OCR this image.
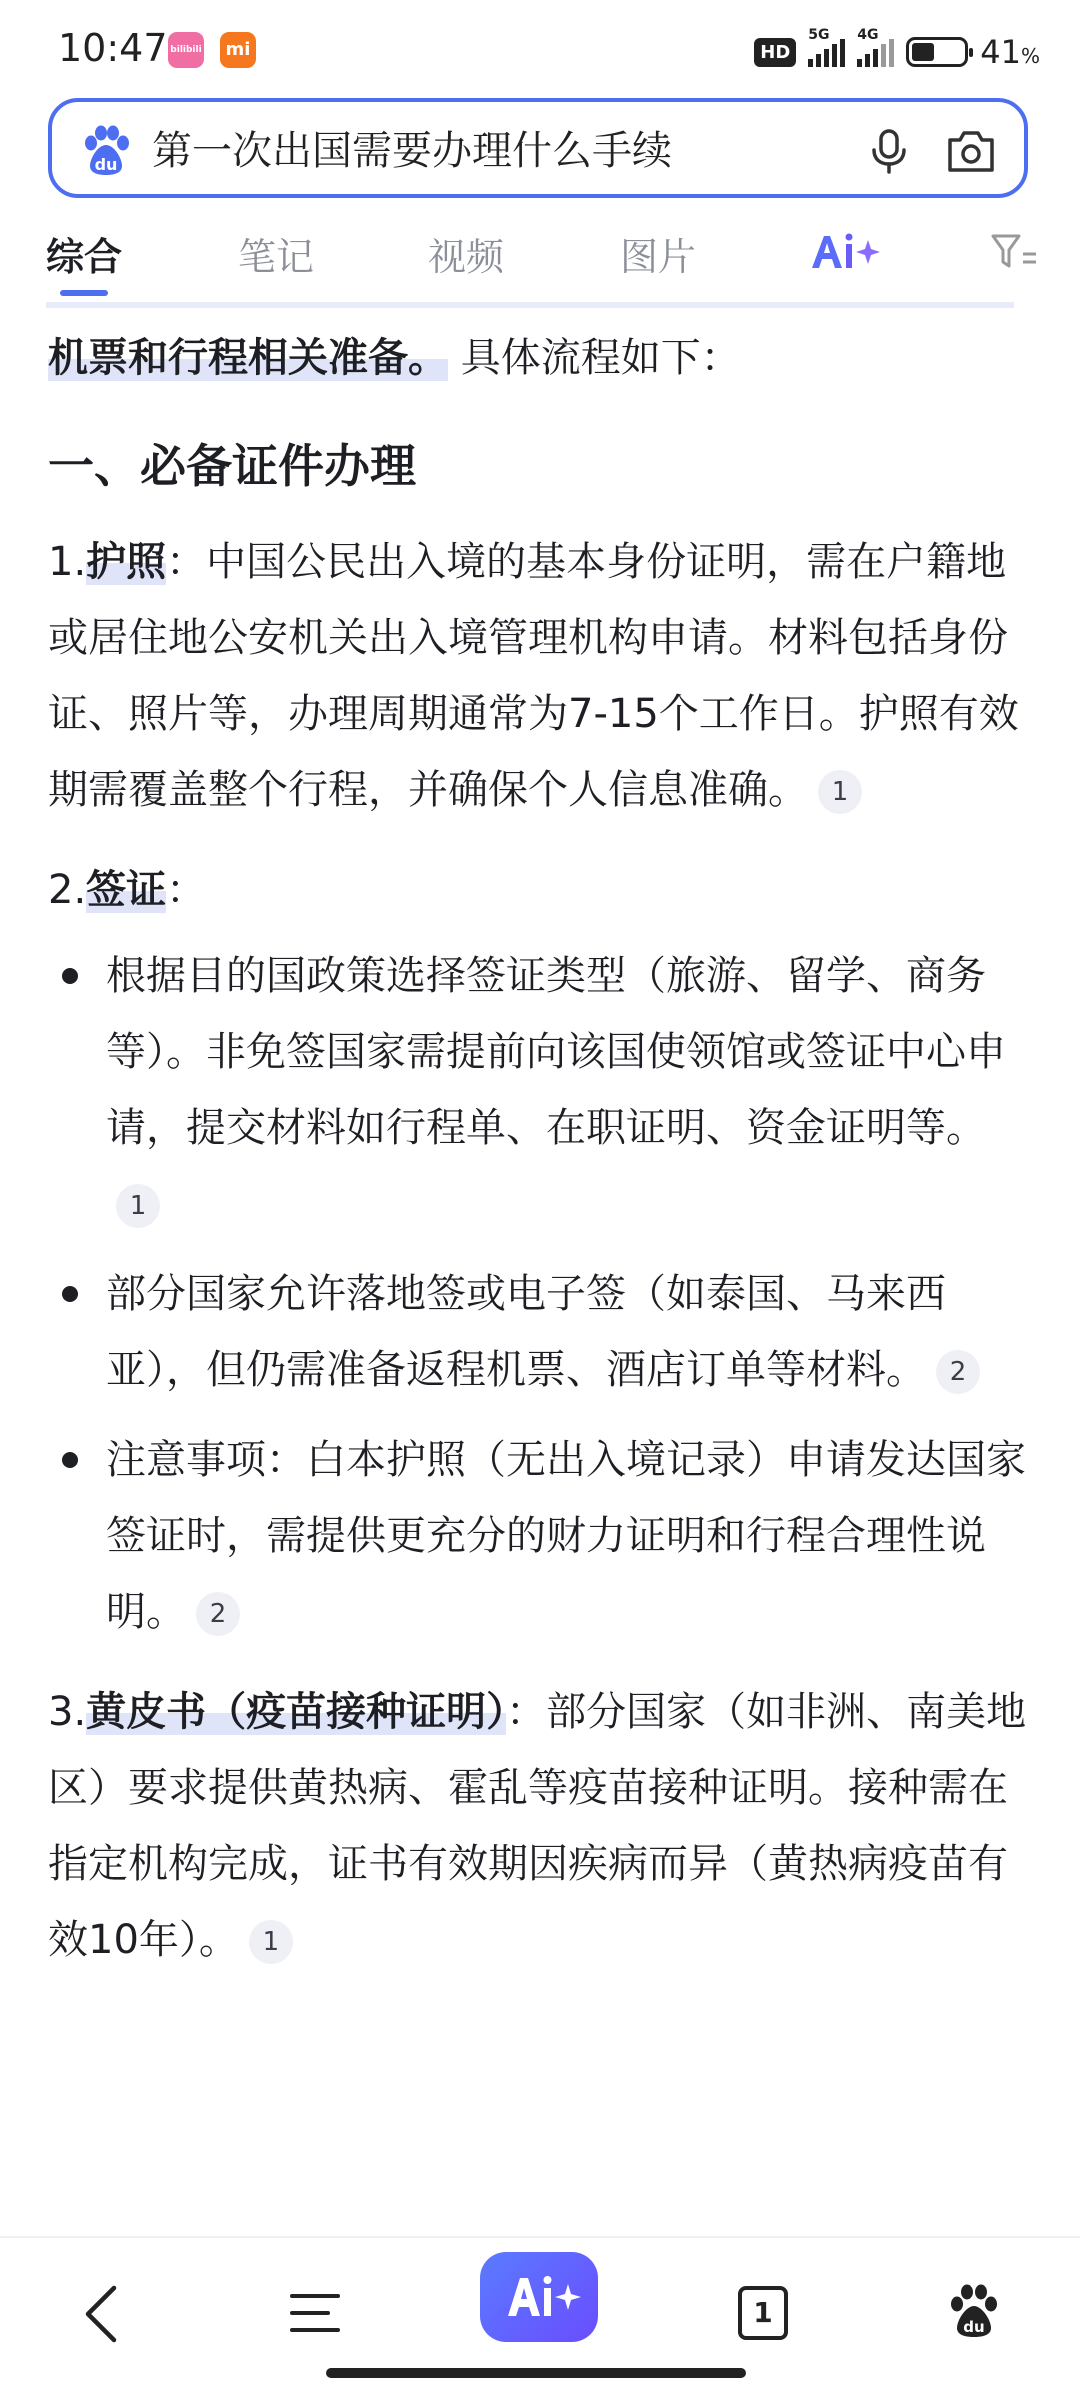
10:47 bilibili	mi	HD
5G 4G	41%
du 第一次出国需要办理什么手续
综合	笔记	视频	图片

机票和行程相关准备。 具体流程如下：

一、必备证件办理

1.护照：中国公民出入境的基本身份证明，需在户籍地或居住地公安机关出入境管理机构申请。材料包括身份证、照片等，办理周期通常为7-15个工作日。护照有效期需覆盖整个行程，并确保个人信息准确。 1

2.签证：

根据目的国政策选择签证类型（旅游、留学、商务等）。非免签国家需提前向该国使领馆或签证中心申请，提交材料如行程单、在职证明、资金证明等。1
部分国家允许落地签或电子签（如泰国、马来西亚），但仍需准备返程机票、酒店订单等材料。 2
注意事项：白本护照（无出入境记录）申请发达国家签证时，需提供更充分的财力证明和行程合理性说明。 2

3.黄皮书（疫苗接种证明）：部分国家（如非洲、南美地区）要求提供黄热病、霍乱等疫苗接种证明。接种需在指定机构完成，证书有效期因疾病而异（黄热病疫苗有效10年）。 1

1	du
